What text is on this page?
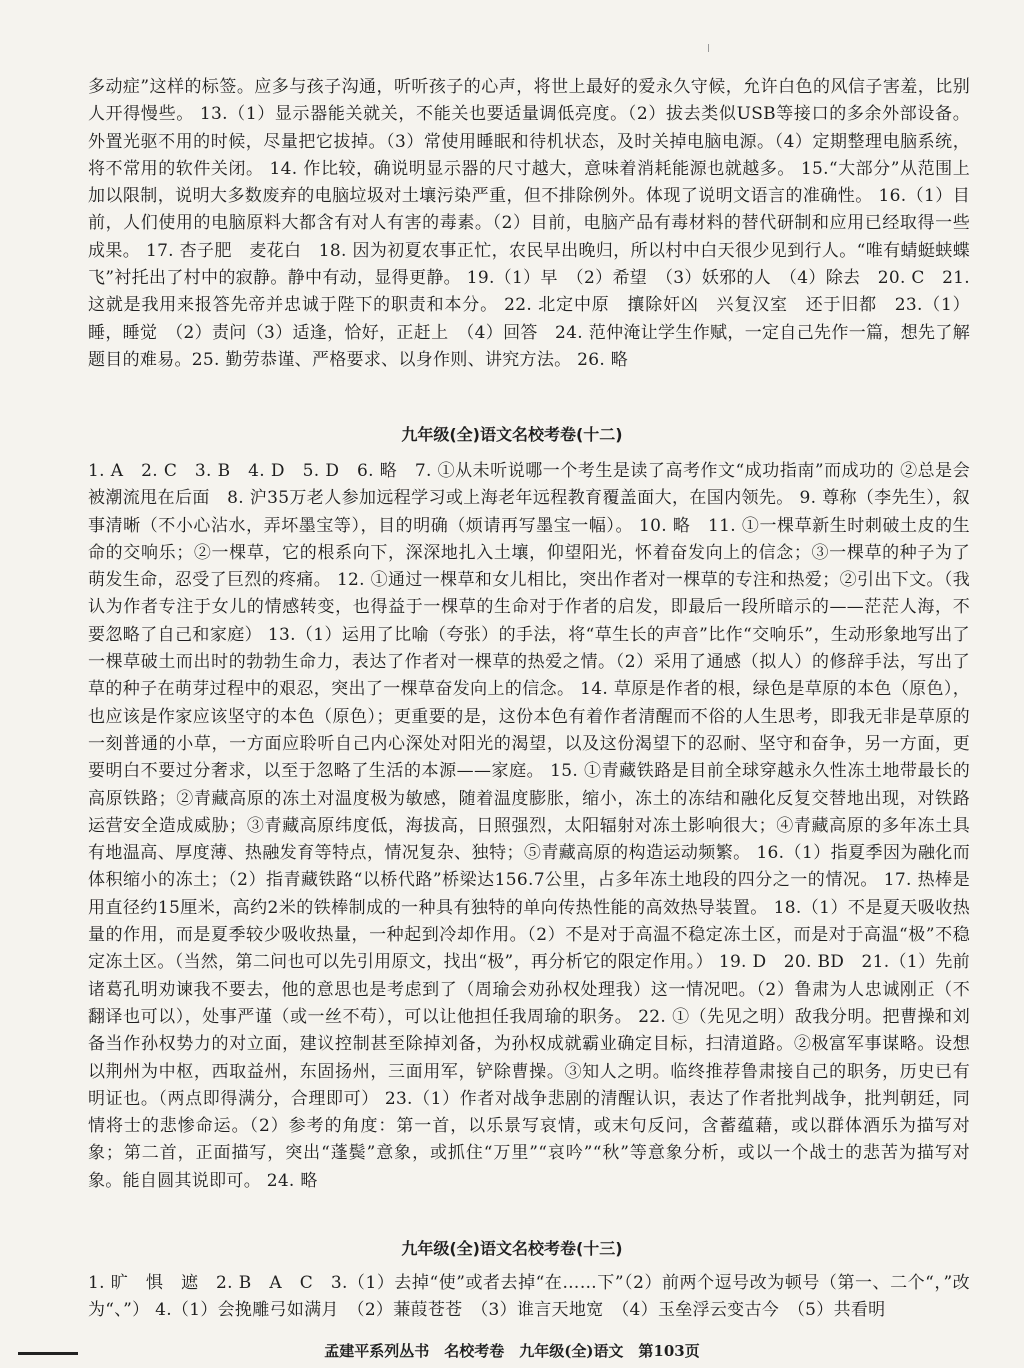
多动症”这样的标签。应多与孩子沟通，听听孩子的心声，将世上最好的爱永久守候，允许白色的风信子害羞，比别人开得慢些。 13.（1）显示器能关就关，不能关也要适量调低亮度。（2）拔去类似USB等接口的多余外部设备。外置光驱不用的时候，尽量把它拔掉。（3）常使用睡眠和待机状态，及时关掉电脑电源。（4）定期整理电脑系统，将不常用的软件关闭。 14. 作比较，确说明显示器的尺寸越大，意味着消耗能源也就越多。 15.“大部分”从范围上加以限制，说明大多数废弃的电脑垃圾对土壤污染严重，但不排除例外。体现了说明文语言的准确性。 16.（1）目前，人们使用的电脑原料大都含有对人有害的毒素。（2）目前，电脑产品有毒材料的替代研制和应用已经取得一些成果。 17. 杏子肥　麦花白　18. 因为初夏农事正忙，农民早出晚归，所以村中白天很少见到行人。“唯有蜻蜓蛱蝶飞”衬托出了村中的寂静。静中有动，显得更静。 19.（1）早　（2）希望　（3）妖邪的人　（4）除去　20. C　21. 这就是我用来报答先帝并忠诚于陛下的职责和本分。 22. 北定中原　攘除奸凶　兴复汉室　还于旧都　23.（1）睡，睡觉　（2）责问（3）适逢，恰好，正赶上　（4）回答　24. 范仲淹让学生作赋，一定自己先作一篇，想先了解题目的难易。25. 勤劳恭谨、严格要求、以身作则、讲究方法。 26. 略
九年级(全)语文名校考卷(十二)
1. A　2. C　3. B　4. D　5. D　6. 略　7. ①从未听说哪一个考生是读了高考作文“成功指南”而成功的 ②总是会被潮流甩在后面　8. 沪35万老人参加远程学习或上海老年远程教育覆盖面大，在国内领先。 9. 尊称（李先生），叙事清晰（不小心沾水，弄坏墨宝等），目的明确（烦请再写墨宝一幅）。 10. 略　11. ①一棵草新生时刺破土皮的生命的交响乐；②一棵草，它的根系向下，深深地扎入土壤，仰望阳光，怀着奋发向上的信念；③一棵草的种子为了萌发生命，忍受了巨烈的疼痛。 12. ①通过一棵草和女儿相比，突出作者对一棵草的专注和热爱；②引出下文。（我认为作者专注于女儿的情感转变，也得益于一棵草的生命对于作者的启发，即最后一段所暗示的——茫茫人海，不要忽略了自己和家庭） 13.（1）运用了比喻（夸张）的手法，将“草生长的声音”比作“交响乐”，生动形象地写出了一棵草破土而出时的勃勃生命力，表达了作者对一棵草的热爱之情。（2）采用了通感（拟人）的修辞手法，写出了草的种子在萌芽过程中的艰忍，突出了一棵草奋发向上的信念。 14. 草原是作者的根，绿色是草原的本色（原色），也应该是作家应该坚守的本色（原色）；更重要的是，这份本色有着作者清醒而不俗的人生思考，即我无非是草原的一刻普通的小草，一方面应聆听自己内心深处对阳光的渴望，以及这份渴望下的忍耐、坚守和奋争，另一方面，更要明白不要过分奢求，以至于忽略了生活的本源——家庭。 15. ①青藏铁路是目前全球穿越永久性冻土地带最长的高原铁路；②青藏高原的冻土对温度极为敏感，随着温度膨胀，缩小，冻土的冻结和融化反复交替地出现，对铁路运营安全造成威胁；③青藏高原纬度低，海拔高，日照强烈，太阳辐射对冻土影响很大；④青藏高原的多年冻土具有地温高、厚度薄、热融发育等特点，情况复杂、独特；⑤青藏高原的构造运动频繁。 16.（1）指夏季因为融化而体积缩小的冻土；（2）指青藏铁路“以桥代路”桥梁达156.7公里，占多年冻土地段的四分之一的情况。 17. 热棒是用直径约15厘米，高约2米的铁棒制成的一种具有独特的单向传热性能的高效热导装置。 18.（1）不是夏天吸收热量的作用，而是夏季较少吸收热量，一种起到冷却作用。（2）不是对于高温不稳定冻土区，而是对于高温“极”不稳定冻土区。（当然，第二问也可以先引用原文，找出“极”，再分析它的限定作用。） 19. D　20. BD　21.（1）先前诸葛孔明劝谏我不要去，他的意思也是考虑到了（周瑜会劝孙权处理我）这一情况吧。（2）鲁肃为人忠诚刚正（不翻译也可以），处事严谨（或一丝不苟），可以让他担任我周瑜的职务。 22. ①（先见之明）敌我分明。把曹操和刘备当作孙权势力的对立面，建议控制甚至除掉刘备，为孙权成就霸业确定目标，扫清道路。②极富军事谋略。设想以荆州为中枢，西取益州，东固扬州，三面用军，铲除曹操。③知人之明。临终推荐鲁肃接自己的职务，历史已有明证也。（两点即得满分，合理即可） 23.（1）作者对战争悲剧的清醒认识，表达了作者批判战争，批判朝廷，同情将士的悲惨命运。（2）参考的角度：第一首，以乐景写哀情，或末句反问，含蓄蕴藉，或以群体酒乐为描写对象；第二首，正面描写，突出“蓬鬓”意象，或抓住“万里”“哀吟”“秋”等意象分析，或以一个战士的悲苦为描写对象。能自圆其说即可。 24. 略
九年级(全)语文名校考卷(十三)
1. 旷　惧　遮　2. B　A　C　3.（1）去掉“使”或者去掉“在……下”（2）前两个逗号改为顿号（第一、二个“，”改为“、”） 4.（1）会挽雕弓如满月　（2）蒹葭苍苍　（3）谁言天地宽　（4）玉垒浮云变古今　（5）共看明
孟建平系列丛书　名校考卷　九年级(全)语文　第103页
